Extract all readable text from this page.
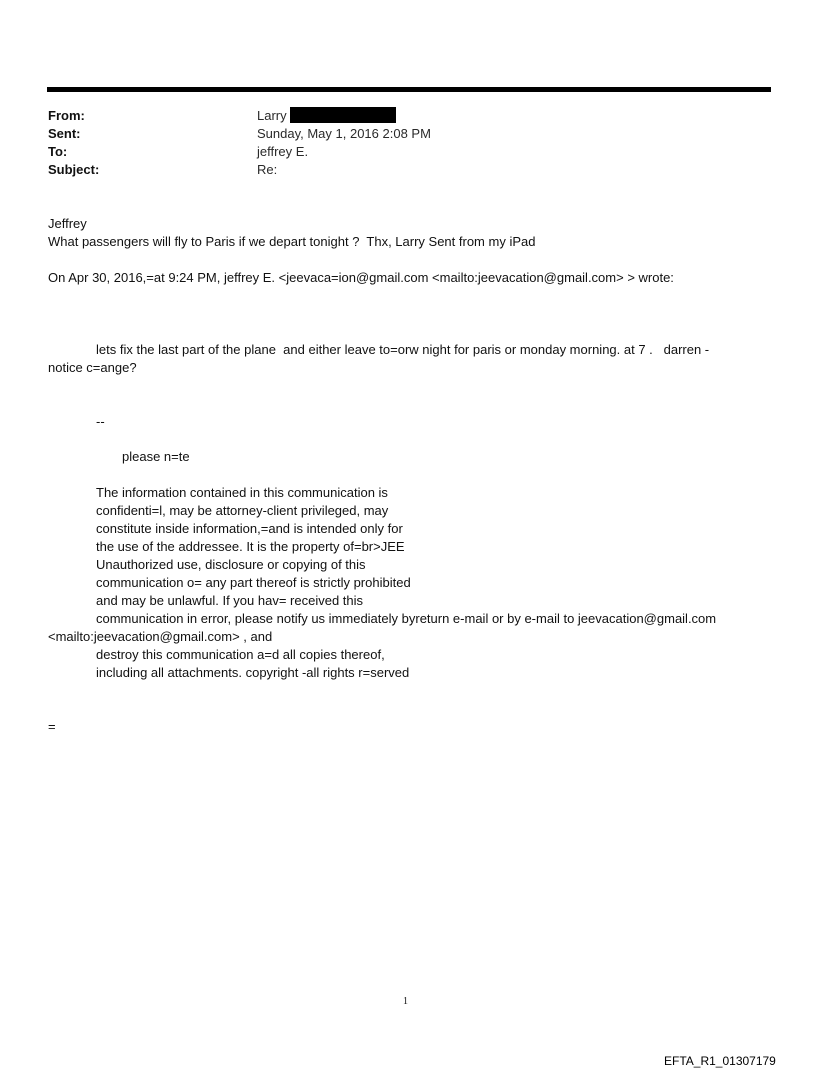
From:	Larry
Sent:	Sunday, May 1, 2016 2:08 PM
To:	jeffrey E.
Subject:	Re:
Jeffrey
What passengers will fly to Paris if we depart tonight ?  Thx, Larry Sent from my iPad
On Apr 30, 2016,=at 9:24 PM, jeffrey E. <jeevaca=ion@gmail.com <mailto:jeevacation@gmail.com> > wrote:
lets fix the last part of the plane  and either leave to=orw night for paris or monday morning. at 7 .   darren -
notice c=ange?
--
please n=te
The information contained in this communication is
confidenti=l, may be attorney-client privileged, may
constitute inside information,=and is intended only for
the use of the addressee. It is the property of=br>JEE
Unauthorized use, disclosure or copying of this
communication o= any part thereof is strictly prohibited
and may be unlawful. If you hav= received this
communication in error, please notify us immediately byreturn e-mail or by e-mail to jeevacation@gmail.com
<mailto:jeevacation@gmail.com> , and
destroy this communication a=d all copies thereof,
including all attachments. copyright -all rights r=served
=
1
EFTA_R1_01307179
